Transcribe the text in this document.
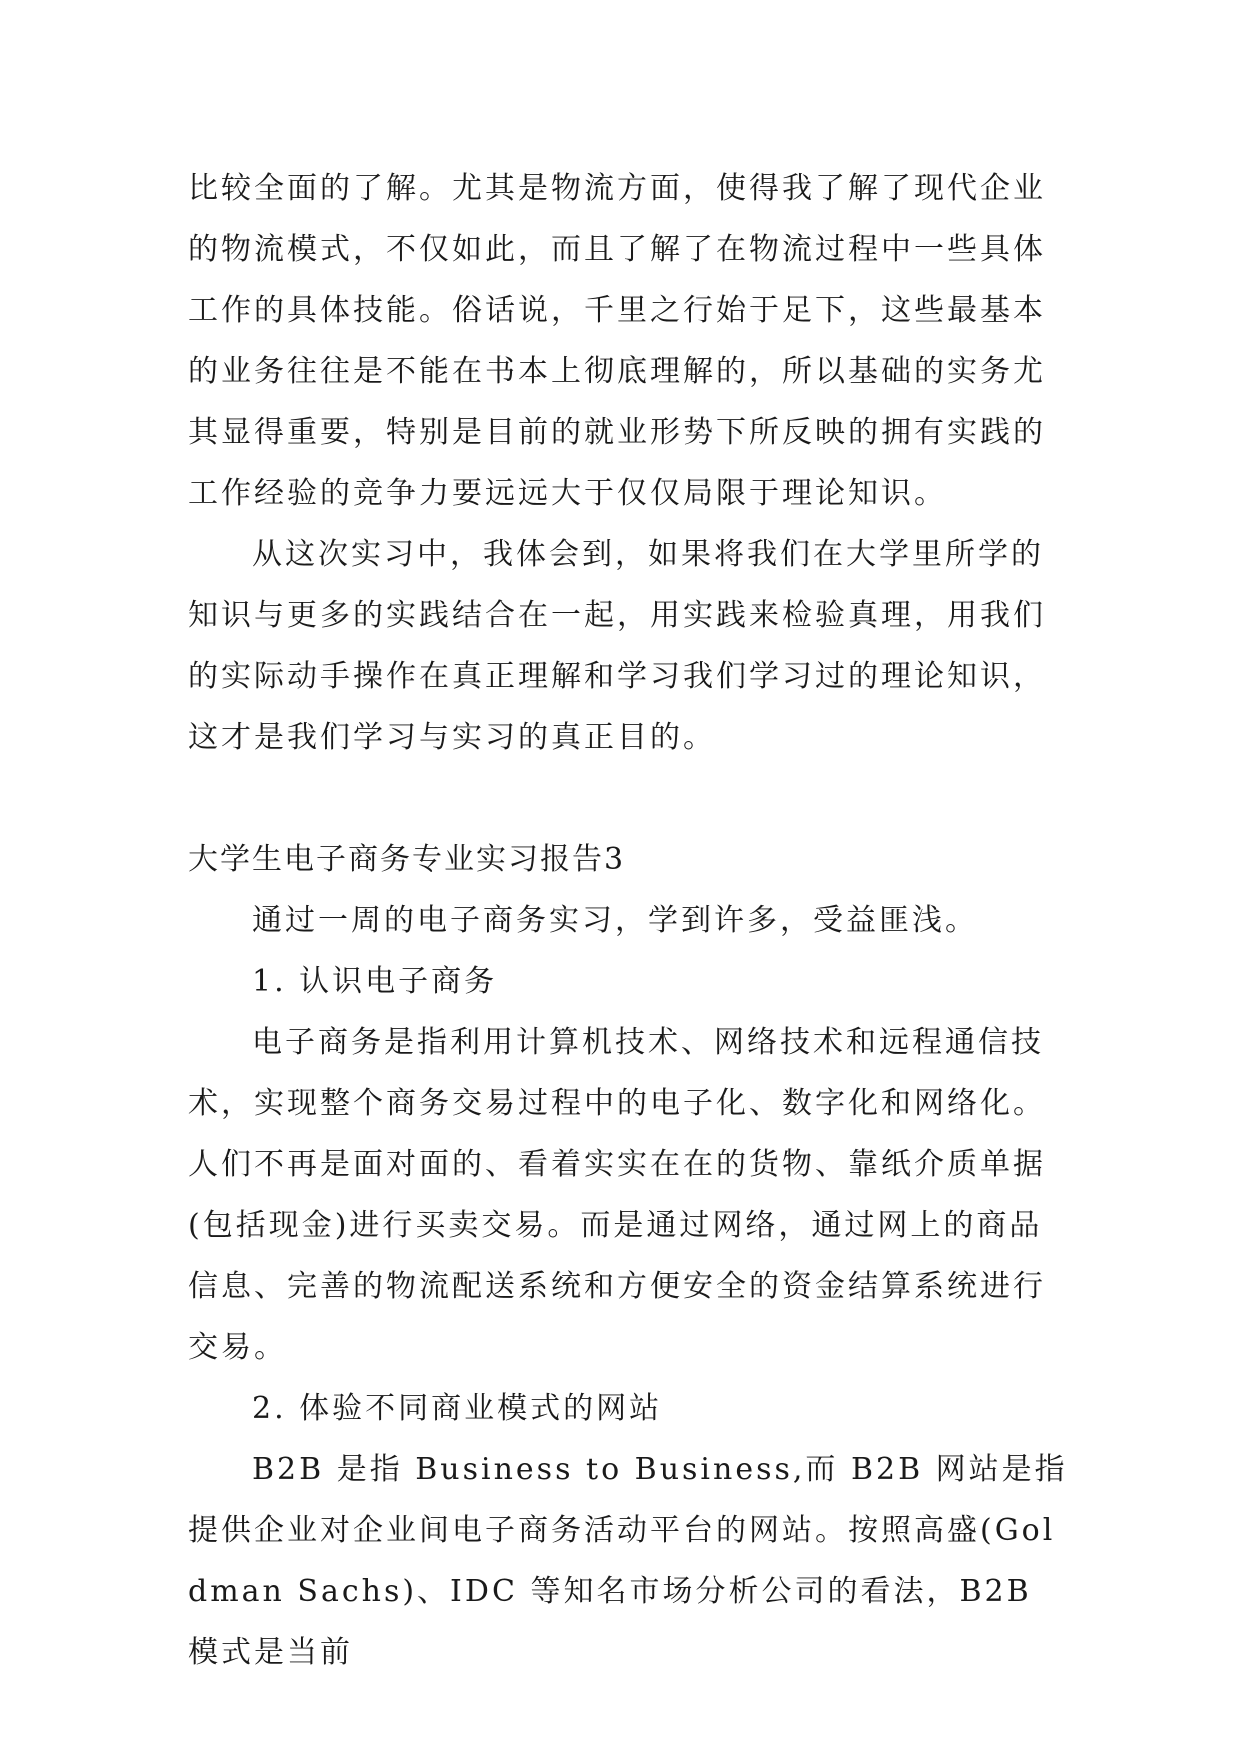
比较全面的了解。尤其是物流方面，使得我了解了现代企业的物流模式，不仅如此，而且了解了在物流过程中一些具体工作的具体技能。俗话说，千里之行始于足下，这些最基本的业务往往是不能在书本上彻底理解的，所以基础的实务尤其显得重要，特别是目前的就业形势下所反映的拥有实践的工作经验的竞争力要远远大于仅仅局限于理论知识。

从这次实习中，我体会到，如果将我们在大学里所学的知识与更多的实践结合在一起，用实践来检验真理，用我们的实际动手操作在真正理解和学习我们学习过的理论知识，这才是我们学习与实习的真正目的。

大学生电子商务专业实习报告3

通过一周的电子商务实习，学到许多，受益匪浅。

1. 认识电子商务

电子商务是指利用计算机技术、网络技术和远程通信技术，实现整个商务交易过程中的电子化、数字化和网络化。人们不再是面对面的、看着实实在在的货物、靠纸介质单据(包括现金)进行买卖交易。而是通过网络，通过网上的商品信息、完善的物流配送系统和方便安全的资金结算系统进行交易。

2. 体验不同商业模式的网站

B2B 是指 Business to Business,而 B2B 网站是指提供企业对企业间电子商务活动平台的网站。按照高盛(Goldman Sachs)、IDC 等知名市场分析公司的看法，B2B 模式是当前
